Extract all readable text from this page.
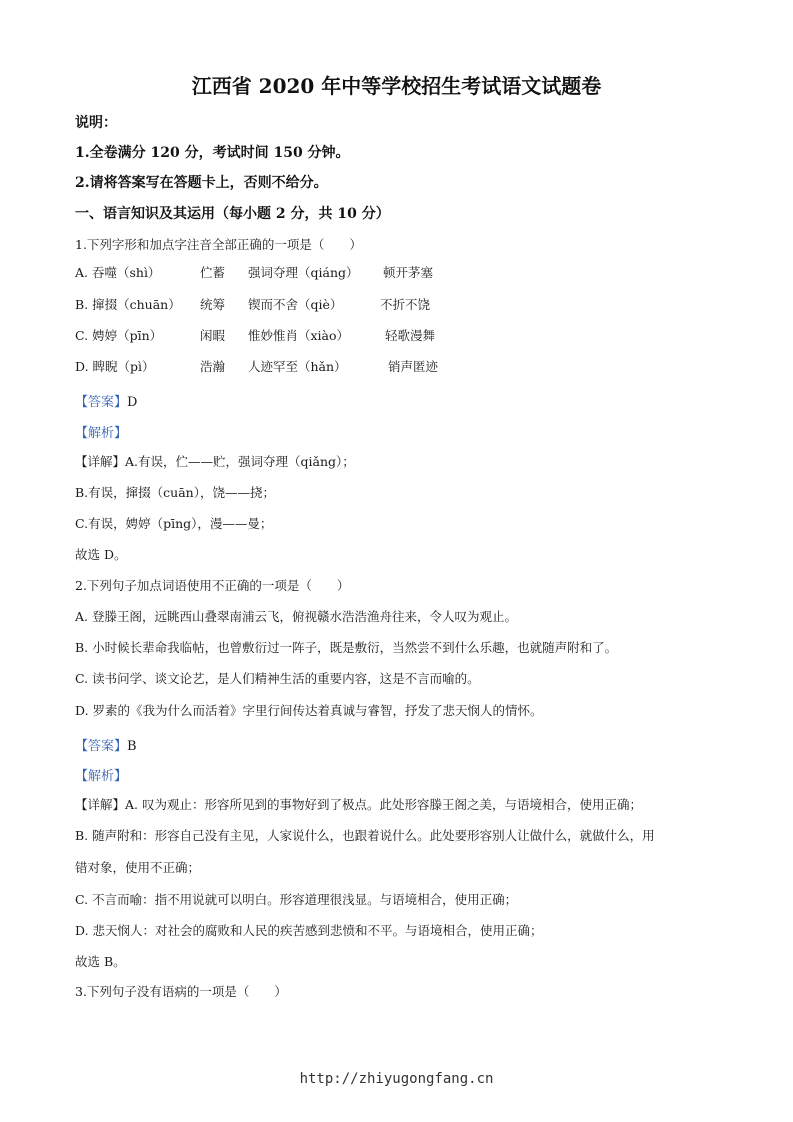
江西省 2020 年中等学校招生考试语文试题卷
说明：
1.全卷满分 120 分，考试时间 150 分钟。
2.请将答案写在答题卡上，否则不给分。
一、语言知识及其运用（每小题 2 分，共 10 分）
1.下列字形和加点字注音全部正确的一项是（　　）
A. 吞噬（shì）	伫蓄 强词夺理（qiáng） 顿开茅塞
B. 撺掇（chuān） 统筹 锲而不舍（qiè）	不折不饶
C. 娉婷（pīn）	闲暇 惟妙惟肖（xiào）	轻歌漫舞
D. 睥睨（pì）	浩瀚 人迹罕至（hǎn）	销声匿迹
【答案】D
【解析】
【详解】A.有误，伫——贮，强词夺理（qiǎng）；
B.有误，撺掇（cuān），饶——挠；
C.有误，娉婷（pīng），漫——曼；
故选 D。
2.下列句子加点词语使用不正确的一项是（　　）
A. 登滕王阁，远眺西山叠翠南浦云飞，俯视赣水浩浩渔舟往来，令人叹为观止。
B. 小时候长辈命我临帖，也曾敷衍过一阵子，既是敷衍，当然尝不到什么乐趣，也就随声附和了。
C. 读书问学、谈文论艺，是人们精神生活的重要内容，这是不言而喻的。
D. 罗素的《我为什么而活着》字里行间传达着真诚与睿智，抒发了悲天悯人的情怀。
【答案】B
【解析】
【详解】A. 叹为观止：形容所见到的事物好到了极点。此处形容滕王阁之美，与语境相合，使用正确；
B. 随声附和：形容自己没有主见，人家说什么，也跟着说什么。此处要形容别人让做什么，就做什么，用
错对象，使用不正确；
C. 不言而喻：指不用说就可以明白。形容道理很浅显。与语境相合，使用正确；
D. 悲天悯人：对社会的腐败和人民的疾苦感到悲愤和不平。与语境相合，使用正确；
故选 B。
3.下列句子没有语病的一项是（　　）
http://zhiyugongfang.cn
